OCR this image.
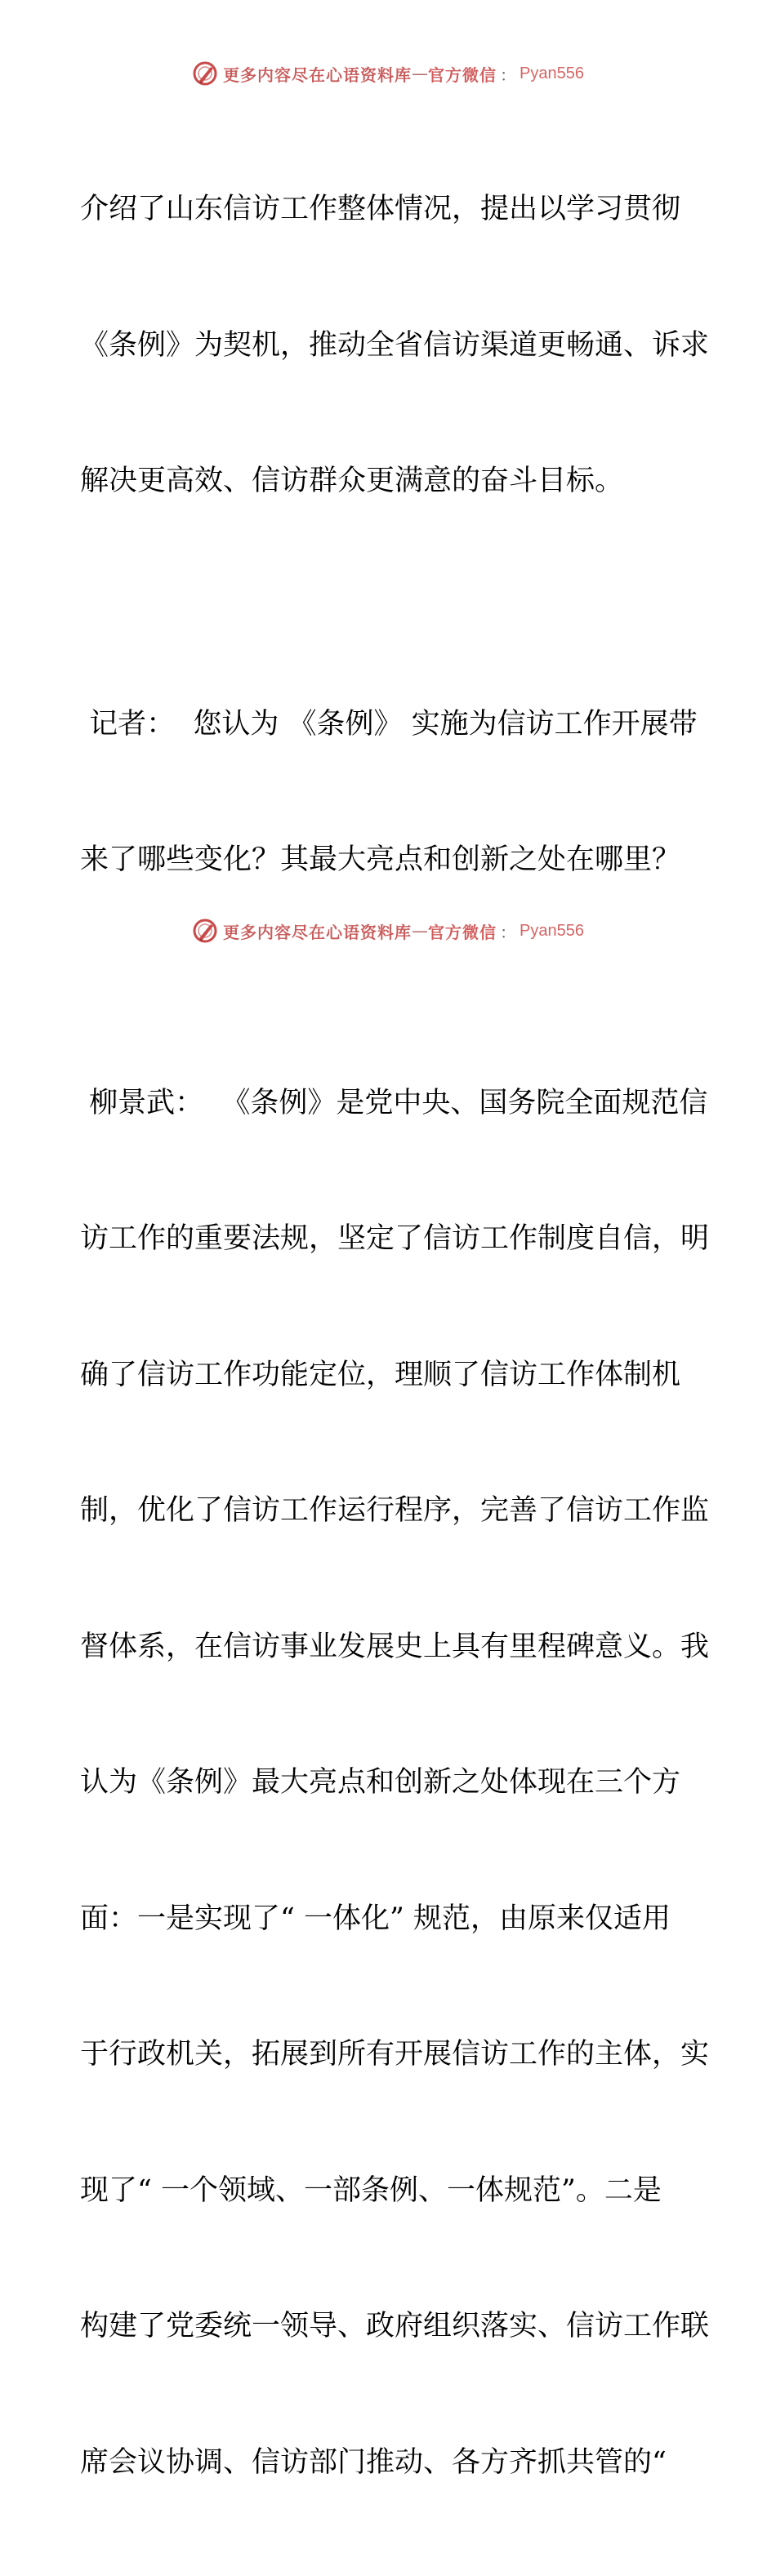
更多内容尽在心语资料库 — 官方微信 ： Pyan556

介绍了山东信访工作整体情况，提出以学习贯彻

《条例》为契机，推动全省信访渠道更畅通、诉求

解决更高效、信访群众更满意的奋斗目标。

记者：  您认为 《条例》 实施为信访工作开展带

来了哪些变化？其最大亮点和创新之处在哪里？

柳景武：  《条例》是党中央、国务院全面规范信

访工作的重要法规，坚定了信访工作制度自信，明

确了信访工作功能定位，理顺了信访工作体制机

制，优化了信访工作运行程序，完善了信访工作监

督体系，在信访事业发展史上具有里程碑意义。我

认为《条例》最大亮点和创新之处体现在三个方

面：一是实现了“ 一体化” 规范，由原来仅适用

于行政机关，拓展到所有开展信访工作的主体，实

现了“ 一个领域、一部条例、一体规范”。二是

构建了党委统一领导、政府组织落实、信访工作联

席会议协调、信访部门推动、各方齐抓共管的“

更多内容尽在心语资料库 — 官方微信 ： Pyan556
